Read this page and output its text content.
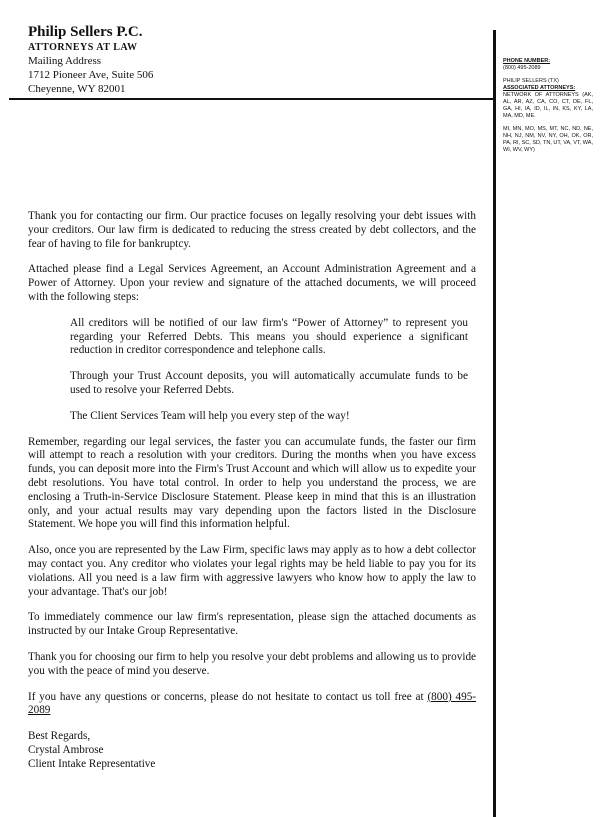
Philip Sellers P.C.
ATTORNEYS AT LAW
Mailing Address
1712 Pioneer Ave, Suite 506
Cheyenne, WY 82001
PHONE NUMBER:
(800) 495-2089
PHILIP SELLERS (TX)
ASSOCIATED ATTORNEYS:
NETWORK OF ATTORNEYS (AK, AL, AR, AZ, CA, CO, CT, DE, FL, GA, HI, IA, ID, IL, IN, KS, KY, LA, MA, MD, ME.
MI, MN, MO, MS, MT, NC, ND, NE, NH, NJ, NM, NV, NY, OH, OK, OR, PA, RI, SC, SD, TN, UT, VA, VT, WA, WI, WV, WY)

Thank you for contacting our firm. Our practice focuses on legally resolving your debt issues with your creditors. Our law firm is dedicated to reducing the stress created by debt collectors, and the fear of having to file for bankruptcy.

Attached please find a Legal Services Agreement, an Account Administration Agreement and a Power of Attorney. Upon your review and signature of the attached documents, we will proceed with the following steps:

All creditors will be notified of our law firm's “Power of Attorney” to represent you regarding your Referred Debts. This means you should experience a significant reduction in creditor correspondence and telephone calls.

Through your Trust Account deposits, you will automatically accumulate funds to be used to resolve your Referred Debts.

The Client Services Team will help you every step of the way!

Remember, regarding our legal services, the faster you can accumulate funds, the faster our firm will attempt to reach a resolution with your creditors. During the months when you have excess funds, you can deposit more into the Firm's Trust Account and which will allow us to expedite your debt resolutions. You have total control. In order to help you understand the process, we are enclosing a Truth-in-Service Disclosure Statement. Please keep in mind that this is an illustration only, and your actual results may vary depending upon the factors listed in the Disclosure Statement. We hope you will find this information helpful.

Also, once you are represented by the Law Firm, specific laws may apply as to how a debt collector may contact you. Any creditor who violates your legal rights may be held liable to pay you for its violations. All you need is a law firm with aggressive lawyers who know how to apply the law to your advantage. That's our job!

To immediately commence our law firm's representation, please sign the attached documents as instructed by our Intake Group Representative.

Thank you for choosing our firm to help you resolve your debt problems and allowing us to provide you with the peace of mind you deserve.

If you have any questions or concerns, please do not hesitate to contact us toll free at (800) 495-2089

Best Regards,
Crystal Ambrose
Client Intake Representative
